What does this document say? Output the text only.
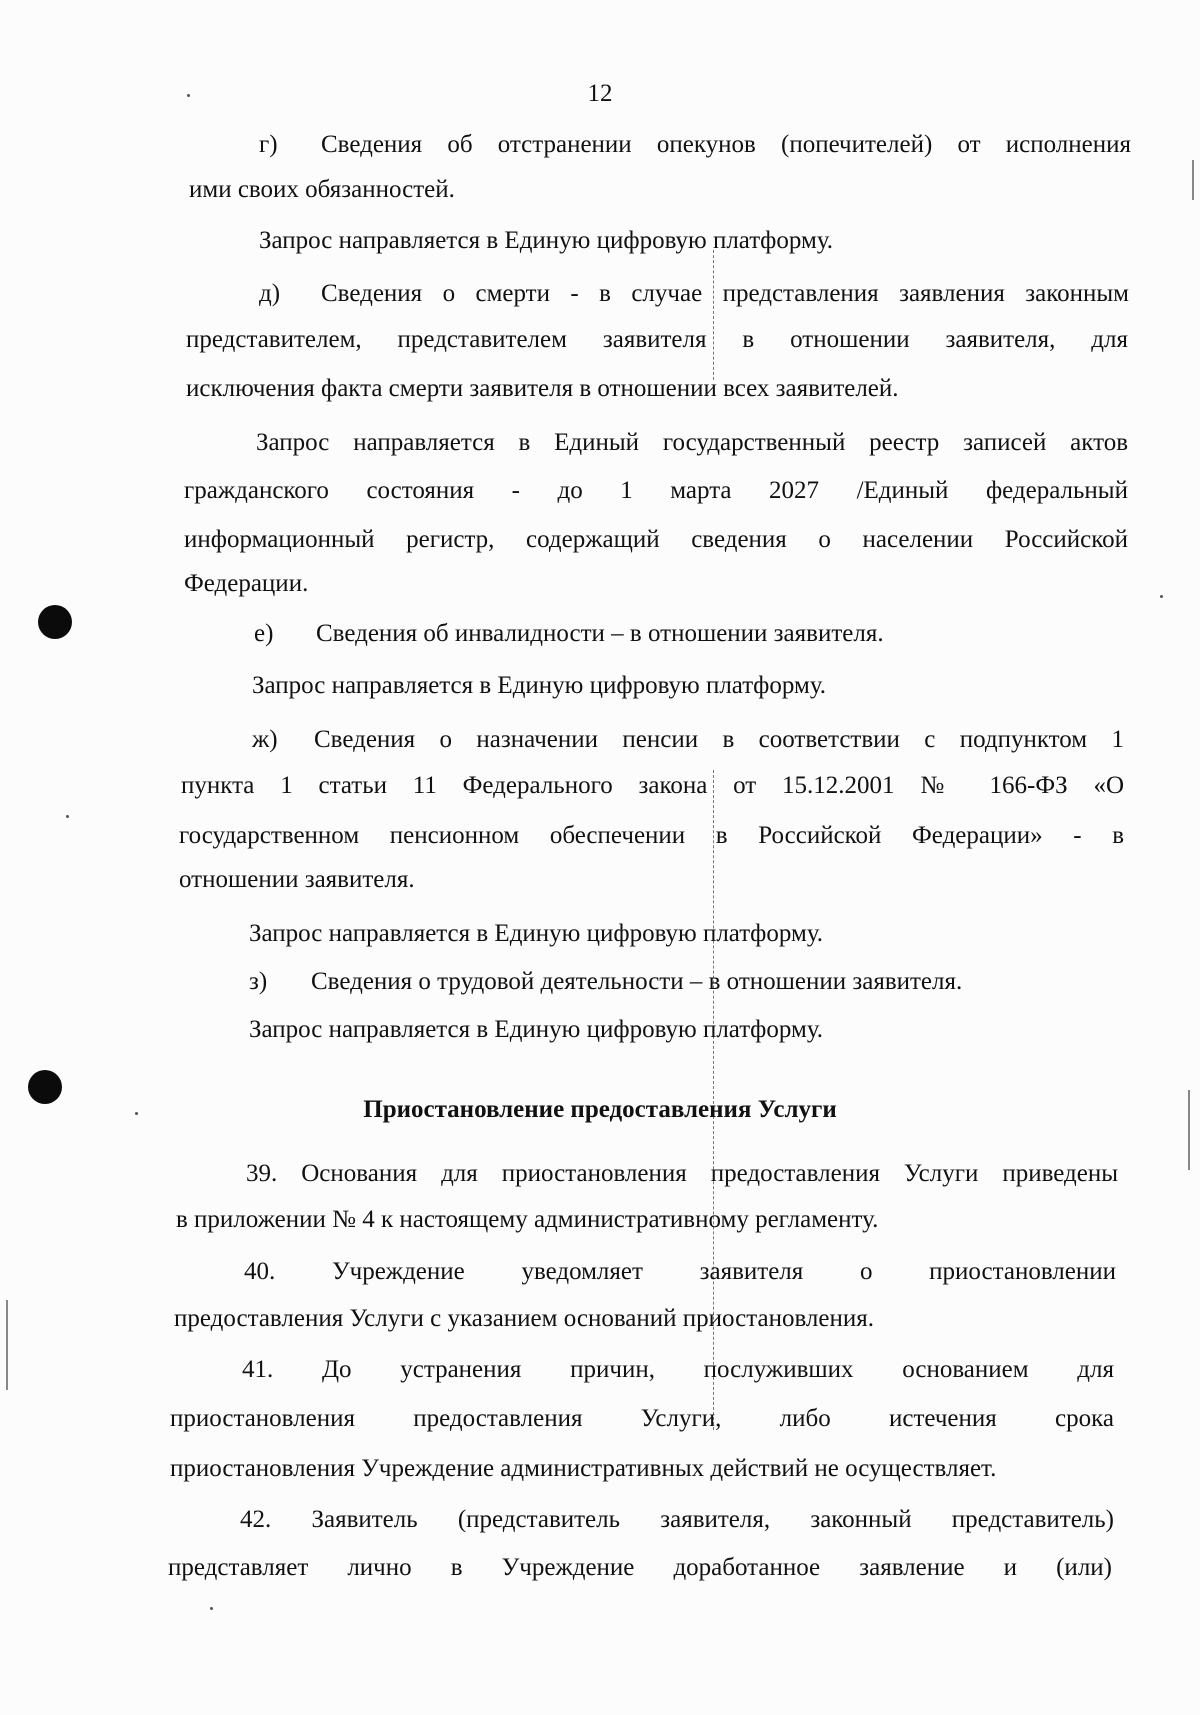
12
г) Сведения об отстранении опекунов (попечителей) от исполнения
ими своих обязанностей.
Запрос направляется в Единую цифровую платформу.
д) Сведения о смерти - в случае представления заявления законным
представителем, представителем заявителя в отношении заявителя, для
исключения факта смерти заявителя в отношении всех заявителей.
Запрос направляется в Единый государственный реестр записей актов
гражданского состояния - до 1 марта 2027 /Единый федеральный
информационный регистр, содержащий сведения о населении Российской
Федерации.
е) Сведения об инвалидности – в отношении заявителя.
Запрос направляется в Единую цифровую платформу.
ж) Сведения о назначении пенсии в соответствии с подпунктом 1
пункта 1 статьи 11 Федерального закона от 15.12.2001 № 166-ФЗ «О
государственном пенсионном обеспечении в Российской Федерации» - в
отношении заявителя.
Запрос направляется в Единую цифровую платформу.
з) Сведения о трудовой деятельности – в отношении заявителя.
Запрос направляется в Единую цифровую платформу.
Приостановление предоставления Услуги
39. Основания для приостановления предоставления Услуги приведены
в приложении № 4 к настоящему административному регламенту.
40. Учреждение уведомляет заявителя о приостановлении
предоставления Услуги с указанием оснований приостановления.
41. До устранения причин, послуживших основанием для
приостановления предоставления Услуги, либо истечения срока
приостановления Учреждение административных действий не осуществляет.
42. Заявитель (представитель заявителя, законный представитель)
представляет лично в Учреждение доработанное заявление и (или)
